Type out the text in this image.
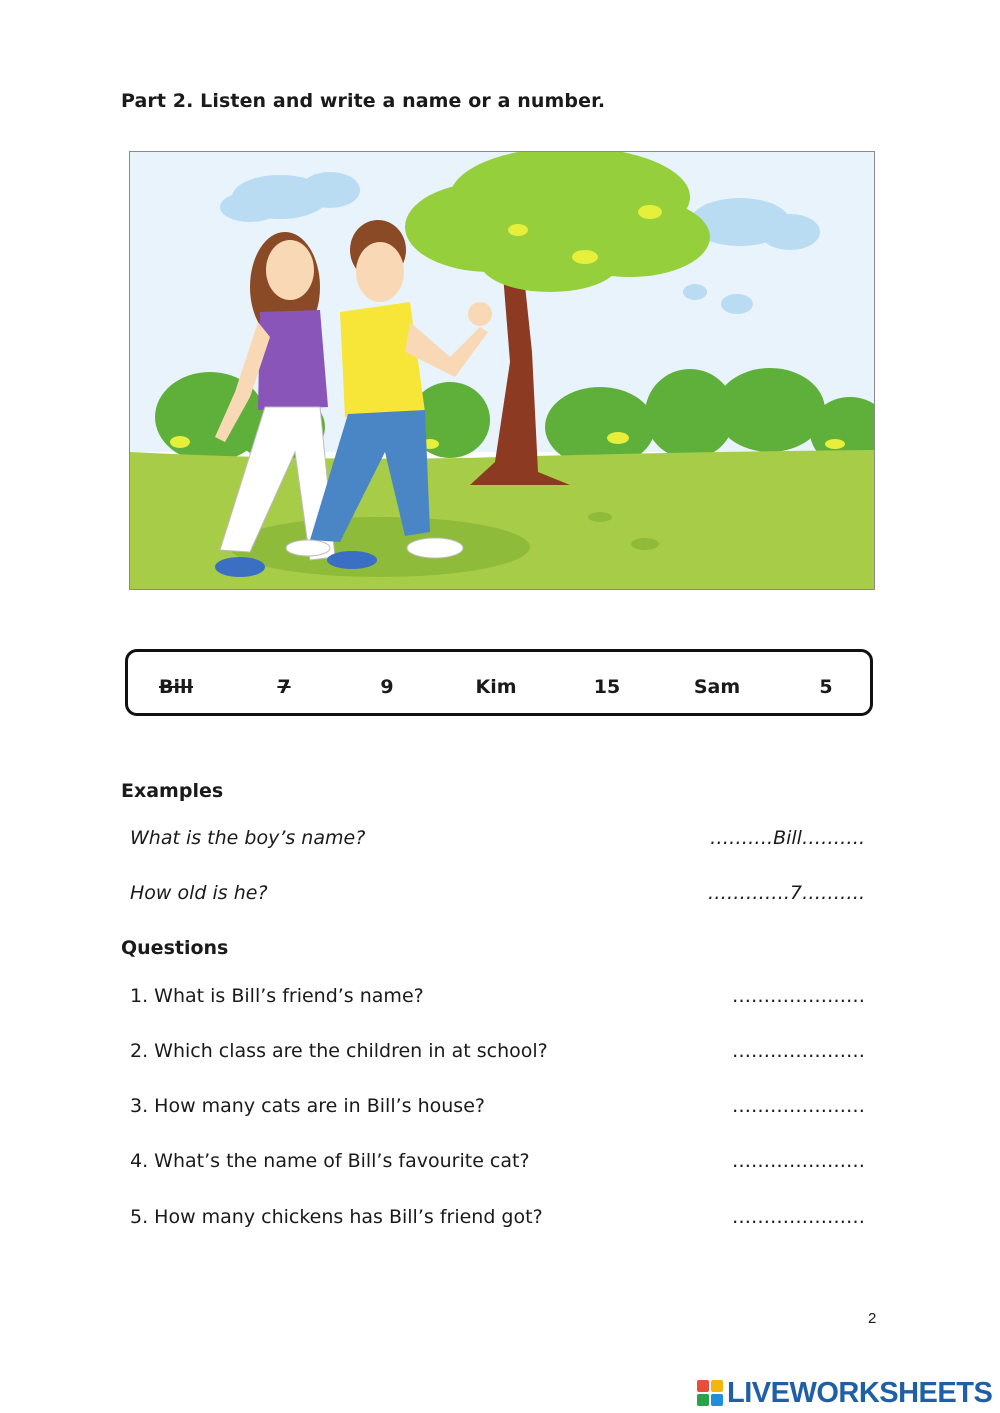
Part 2. Listen and write a name or a number.
Bill	7	9	Kim	15	Sam	5
Examples
What is the boy’s name?	……….Bill……….
How old is he?	………….7……….
Questions
1. What is Bill’s friend’s name?	…………………
2. Which class are the children in at school?	…………………
3. How many cats are in Bill’s house?	…………………
4. What’s the name of Bill’s favourite cat?	…………………
5. How many chickens has Bill’s friend got?	…………………
2
LIVEWORKSHEETS
